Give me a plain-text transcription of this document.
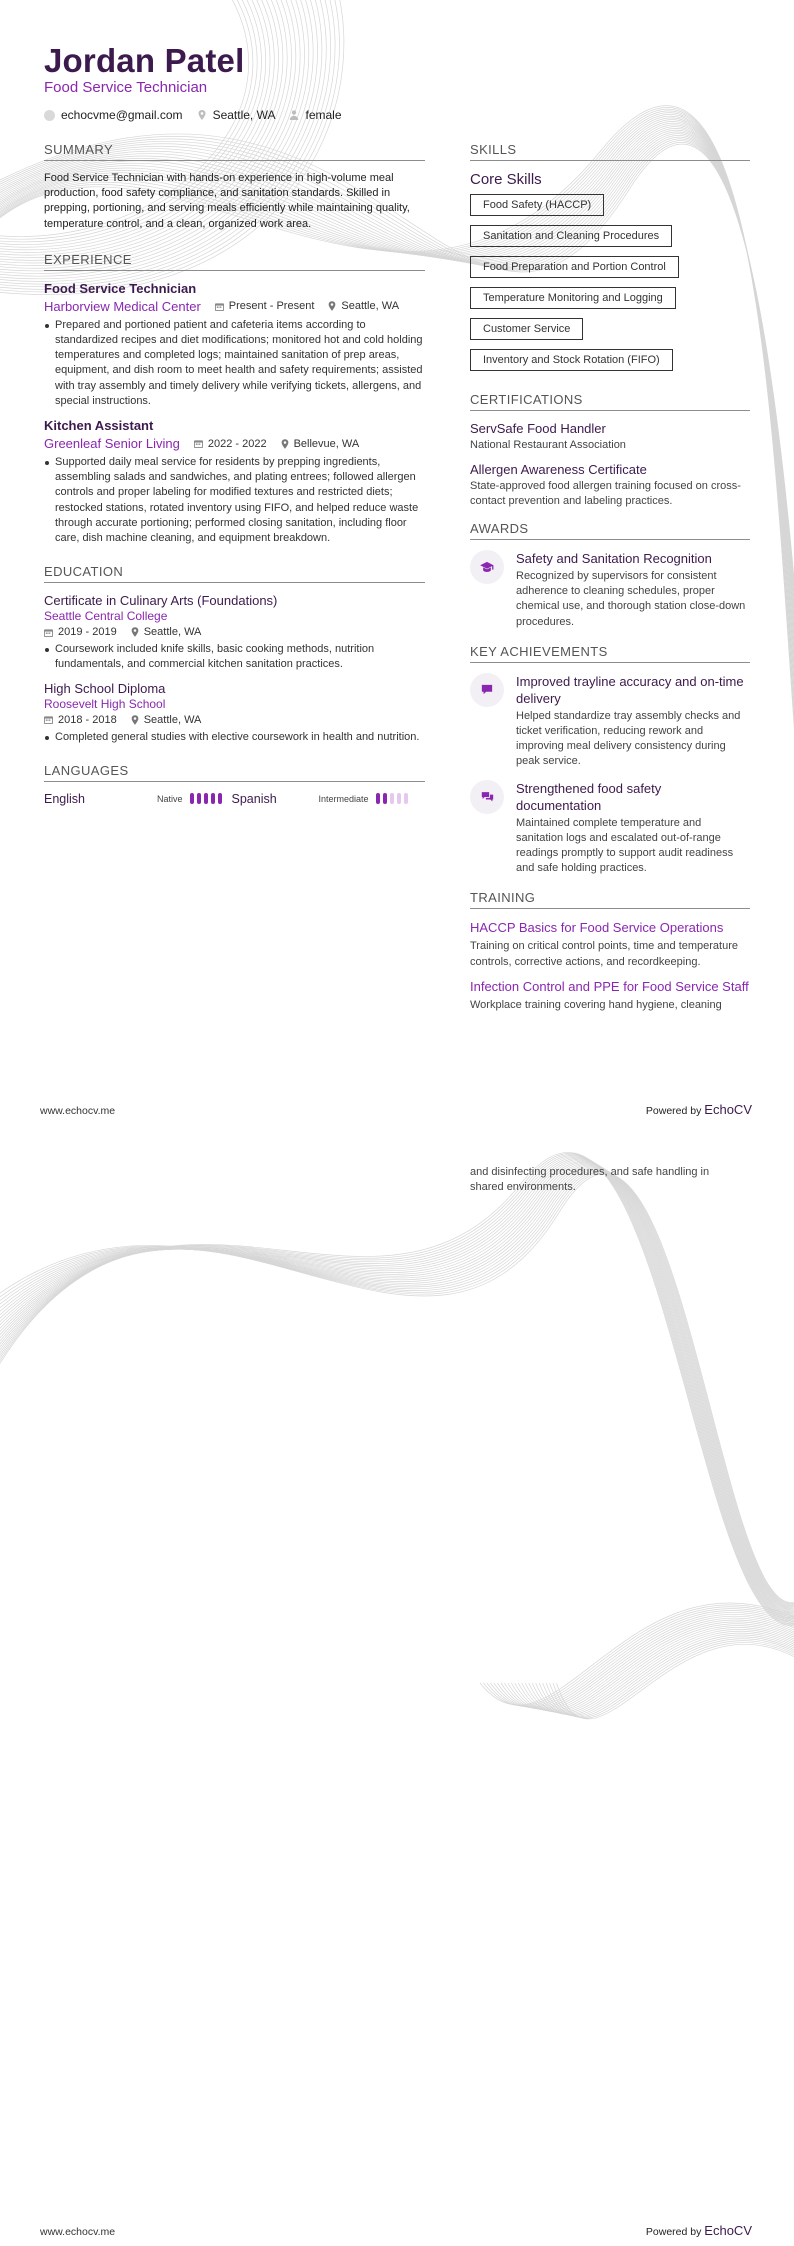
Jordan Patel
Food Service Technician
echocvme@gmail.com	Seattle, WA	female
SUMMARY

Food Service Technician with hands-on experience in high-volume meal production, food safety compliance, and sanitation standards. Skilled in prepping, portioning, and serving meals efficiently while maintaining quality, temperature control, and a clean, organized work area.

EXPERIENCE
Food Service Technician
Harborview Medical Center	Present - Present Seattle, WA
Prepared and portioned patient and cafeteria items according to standardized recipes and diet modifications; monitored hot and cold holding temperatures and completed logs; maintained sanitation of prep areas, equipment, and dish room to meet health and safety requirements; assisted with tray assembly and timely delivery while verifying tickets, allergens, and special instructions.
Kitchen Assistant
Greenleaf Senior Living	2022 - 2022 Bellevue, WA
Supported daily meal service for residents by prepping ingredients, assembling salads and sandwiches, and plating entrees; followed allergen controls and proper labeling for modified textures and restricted diets; restocked stations, rotated inventory using FIFO, and helped reduce waste through accurate portioning; performed closing sanitation, including floor care, dish machine cleaning, and equipment breakdown.
EDUCATION
Certificate in Culinary Arts (Foundations)
Seattle Central College
2019 - 2019 Seattle, WA
Coursework included knife skills, basic cooking methods, nutrition fundamentals, and commercial kitchen sanitation practices.
High School Diploma
Roosevelt High School
2018 - 2018 Seattle, WA
Completed general studies with elective coursework in health and nutrition.
LANGUAGES
English	Native	Spanish	Intermediate
SKILLS
Core Skills
Food Safety (HACCP)
Sanitation and Cleaning Procedures
Food Preparation and Portion Control
Temperature Monitoring and Logging
Customer Service
Inventory and Stock Rotation (FIFO)
CERTIFICATIONS
ServSafe Food Handler
National Restaurant Association
Allergen Awareness Certificate
State-approved food allergen training focused on cross-contact prevention and labeling practices.
AWARDS
Safety and Sanitation Recognition
Recognized by supervisors for consistent adherence to cleaning schedules, proper chemical use, and thorough station close-down procedures.
KEY ACHIEVEMENTS
Improved trayline accuracy and on-time delivery
Helped standardize tray assembly checks and ticket verification, reducing rework and improving meal delivery consistency during peak service.
Strengthened food safety documentation
Maintained complete temperature and sanitation logs and escalated out-of-range readings promptly to support audit readiness and safe holding practices.
TRAINING
HACCP Basics for Food Service Operations
Training on critical control points, time and temperature controls, corrective actions, and recordkeeping.
Infection Control and PPE for Food Service Staff
Workplace training covering hand hygiene, cleaning
www.echocv.me	Powered by EchoCV
and disinfecting procedures, and safe handling in shared environments.
www.echocv.me	Powered by EchoCV
